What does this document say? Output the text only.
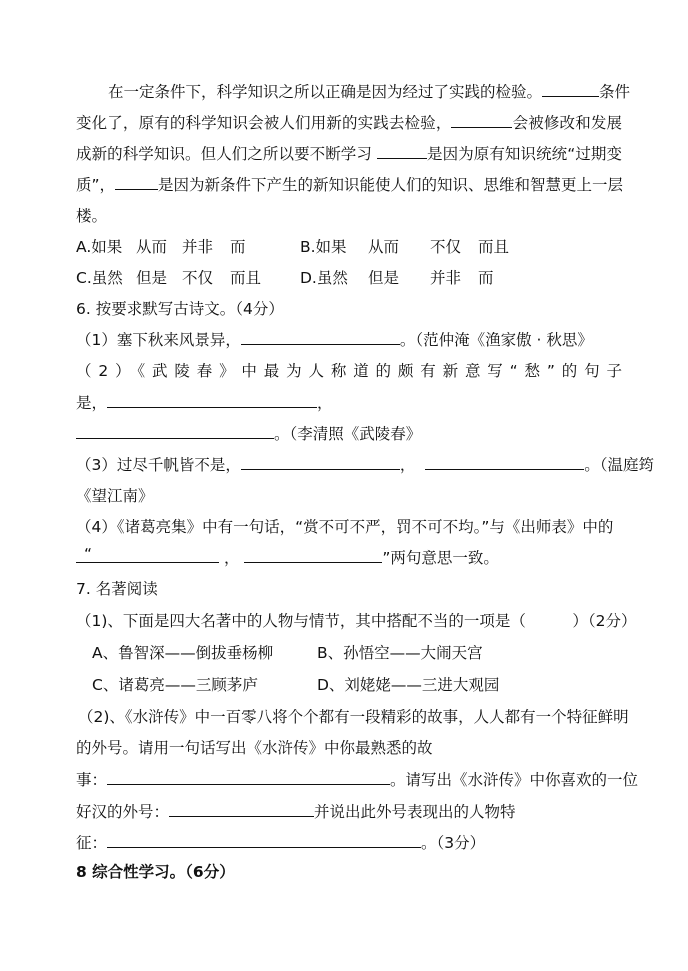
在一定条件下，科学知识之所以正确是因为经过了实践的检验。	条件
变化了，原有的科学知识会被人们用新的实践去检验，	会被修改和发展
成新的科学知识。但人们之所以要不断学习	是因为原有知识统统“过期变
质”，	是因为新条件下产生的新知识能使人们的知识、思维和智慧更上一层
楼。
A.如果 从而 并非 而	B.如果 从而 不仅 而且
C.虽然 但是 不仅 而且	D.虽然 但是 并非 而
6. 按要求默写古诗文。（4分）
（1）塞下秋来风景异，	。（范仲淹《渔家傲 · 秋思》
（2）《武陵春》中最为人称道的颇有新意写“愁”的句子
是，	，
。（李清照《武陵春》
（3）过尽千帆皆不是，	，	。（温庭筠
《望江南》
（4）《诸葛亮集》中有一句话，“赏不可不严，罚不可不均。”与《出师表》中的
“	，	”两句意思一致。
7. 名著阅读
（1)、下面是四大名著中的人物与情节，其中搭配不当的一项是（　　　）（2分）
A、鲁智深——倒拔垂杨柳	B、孙悟空——大闹天宫
C、诸葛亮——三顾茅庐	D、刘姥姥——三进大观园
（2)、《水浒传》中一百零八将个个都有一段精彩的故事，人人都有一个特征鲜明
的外号。请用一句话写出《水浒传》中你最熟悉的故
事：	。请写出《水浒传》中你喜欢的一位
好汉的外号：	并说出此外号表现出的人物特
征：	。（3分）
8 综合性学习。（6分）
